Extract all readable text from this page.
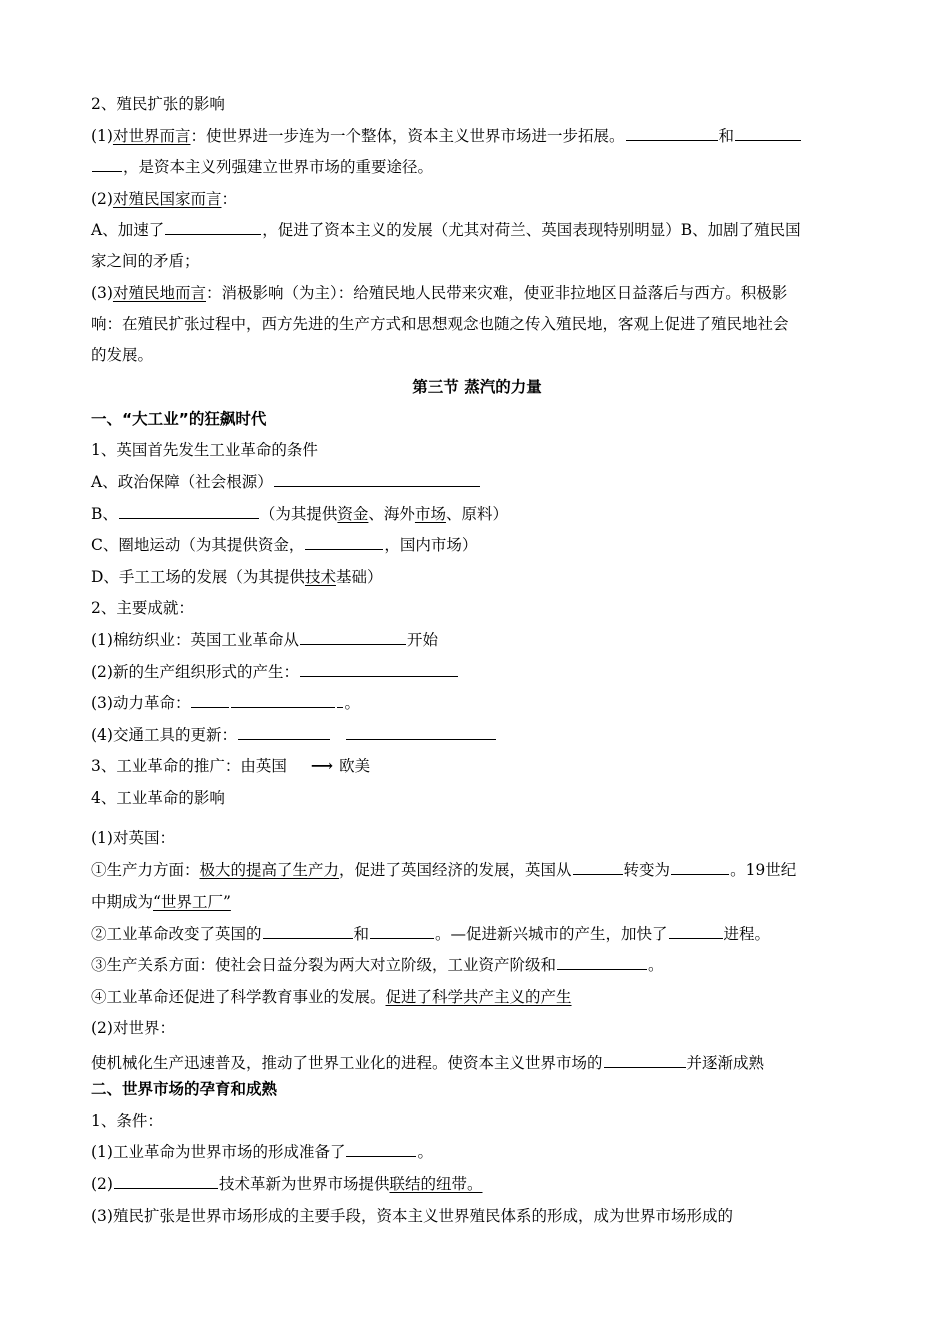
2、殖民扩张的影响
(1)对世界而言：使世界进一步连为一个整体，资本主义世界市场进一步拓展。	和
，是资本主义列强建立世界市场的重要途径。
(2)对殖民国家而言：
A、加速了	，促进了资本主义的发展（尤其对荷兰、英国表现特别明显）B、加剧了殖民国
家之间的矛盾；
(3)对殖民地而言：消极影响（为主）：给殖民地人民带来灾难，使亚非拉地区日益落后与西方。积极影
响：在殖民扩张过程中，西方先进的生产方式和思想观念也随之传入殖民地，客观上促进了殖民地社会
的发展。
第三节 蒸汽的力量
一、“大工业”的狂飙时代
1、英国首先发生工业革命的条件
A、政治保障（社会根源）
B、	（为其提供资金、海外市场、原料）
C、圈地运动（为其提供资金，	，国内市场）
D、手工工场的发展（为其提供技术基础）
2、主要成就：
(1)棉纺织业：英国工业革命从	开始
(2)新的生产组织形式的产生：
(3)动力革命：	。
(4)交通工具的更新：
3、工业革命的推广：由英国 ⟶ 欧美
4、工业革命的影响
(1)对英国：
①生产力方面：极大的提高了生产力，促进了英国经济的发展，英国从	转变为	。19世纪
中期成为“世界工厂”
②工业革命改变了英国的	和	。—促进新兴城市的产生，加快了	进程。
③生产关系方面：使社会日益分裂为两大对立阶级，工业资产阶级和	。
④工业革命还促进了科学教育事业的发展。促进了科学共产主义的产生
(2)对世界：
使机械化生产迅速普及，推动了世界工业化的进程。使资本主义世界市场的	并逐渐成熟
二、世界市场的孕育和成熟
1、条件：
(1)工业革命为世界市场的形成准备了	。
(2)	技术革新为世界市场提供联结的纽带。
(3)殖民扩张是世界市场形成的主要手段，资本主义世界殖民体系的形成，成为世界市场形成的
